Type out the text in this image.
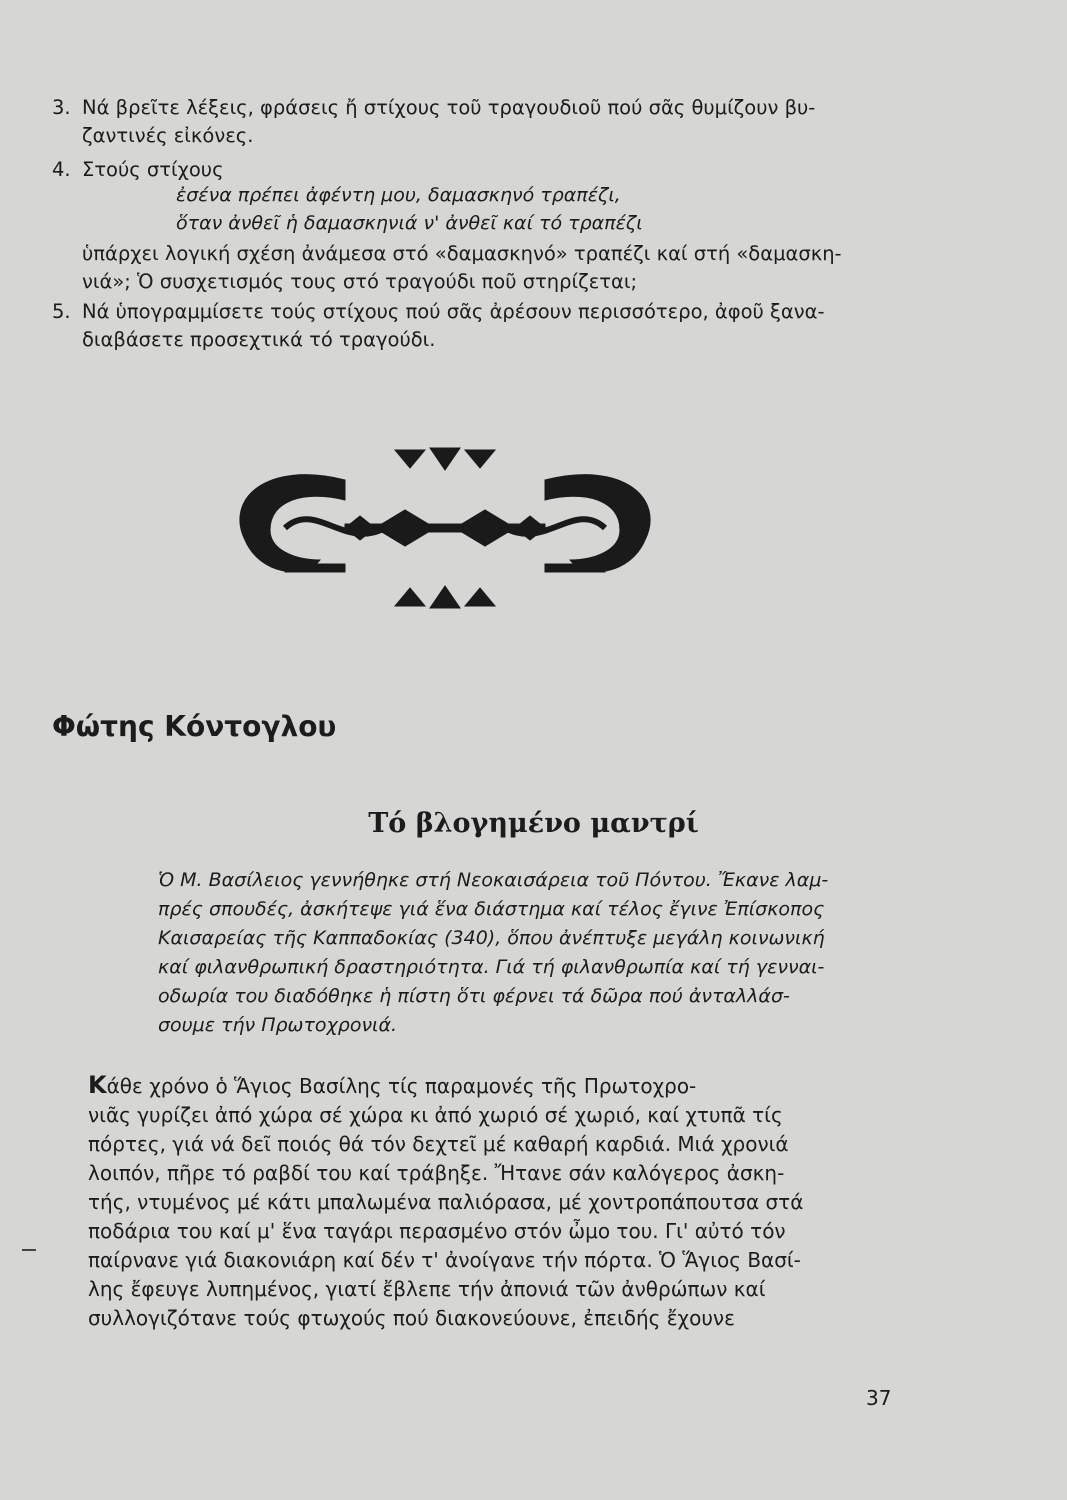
3. Νά βρεῖτε λέξεις, φράσεις ἤ στίχους τοῦ τραγουδιοῦ πού σᾶς θυμίζουν βυ-
ζαντινές εἰκόνες.
4. Στούς στίχους
ἐσένα πρέπει ἀφέντη μου, δαμασκηνό τραπέζι,
ὅταν ἀνθεῖ ἡ δαμασκηνιά ν' ἀνθεῖ καί τό τραπέζι
ὑπάρχει λογική σχέση ἀνάμεσα στό «δαμασκηνό» τραπέζι καί στή «δαμασκη-
νιά»; Ὁ συσχετισμός τους στό τραγούδι ποῦ στηρίζεται;
5. Νά ὑπογραμμίσετε τούς στίχους πού σᾶς ἀρέσουν περισσότερο, ἀφοῦ ξανα-
διαβάσετε προσεχτικά τό τραγούδι.
Φώτης Κόντογλου
Τό βλογημένο μαντρί
Ὁ Μ. Βασίλειος γεννήθηκε στή Νεοκαισάρεια τοῦ Πόντου. Ἔκανε λαμ-
πρές σπουδές, ἀσκήτεψε γιά ἕνα διάστημα καί τέλος ἔγινε Ἐπίσκοπος
Καισαρείας τῆς Καππαδοκίας (340), ὅπου ἀνέπτυξε μεγάλη κοινωνική
καί φιλανθρωπική δραστηριότητα. Γιά τή φιλανθρωπία καί τή γενναι-
οδωρία του διαδόθηκε ἡ πίστη ὅτι φέρνει τά δῶρα πού ἀνταλλάσ-
σουμε τήν Πρωτοχρονιά.
Κάθε χρόνο ὁ Ἅγιος Βασίλης τίς παραμονές τῆς Πρωτοχρο-
νιᾶς γυρίζει ἀπό χώρα σέ χώρα κι ἀπό χωριό σέ χωριό, καί χτυπᾶ τίς
πόρτες, γιά νά δεῖ ποιός θά τόν δεχτεῖ μέ καθαρή καρδιά. Μιά χρονιά
λοιπόν, πῆρε τό ραβδί του καί τράβηξε. Ἤτανε σάν καλόγερος ἀσκη-
τής, ντυμένος μέ κάτι μπαλωμένα παλιόρασα, μέ χοντροπάπουτσα στά
ποδάρια του καί μ' ἕνα ταγάρι περασμένο στόν ὦμο του. Γι' αὐτό τόν
παίρνανε γιά διακονιάρη καί δέν τ' ἀνοίγανε τήν πόρτα. Ὁ Ἅγιος Βασί-
λης ἔφευγε λυπημένος, γιατί ἔβλεπε τήν ἀπονιά τῶν ἀνθρώπων καί
συλλογιζότανε τούς φτωχούς πού διακονεύουνε, ἐπειδής ἔχουνε
37
